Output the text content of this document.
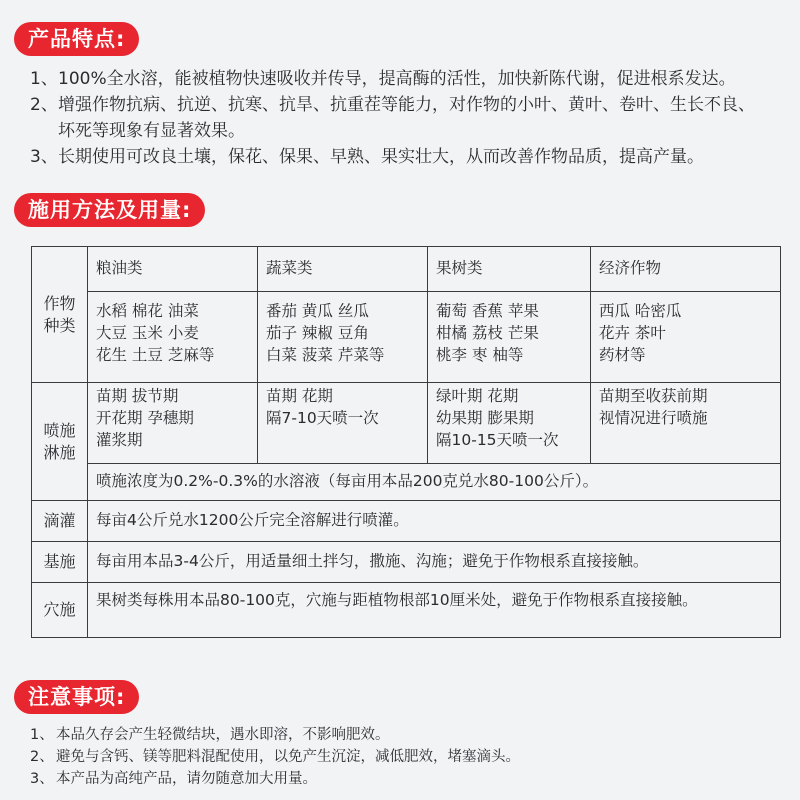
产品特点:
1、 100%全水溶，能被植物快速吸收并传导，提高酶的活性，加快新陈代谢，促进根系发达。
2、 增强作物抗病、抗逆、抗寒、抗旱、抗重茬等能力，对作物的小叶、黄叶、卷叶、生长不良、坏死等现象有显著效果。
3、 长期使用可改良土壤，保花、保果、早熟、果实壮大，从而改善作物品质，提高产量。
施用方法及用量:
作物
种类	粮油类	蔬菜类	果树类	经济作物
	水稻 棉花 油菜
大豆 玉米 小麦
花生 土豆 芝麻等	番茄 黄瓜 丝瓜
茄子 辣椒 豆角
白菜 菠菜 芹菜等	葡萄 香蕉 苹果
柑橘 荔枝 芒果
桃李 枣 柚等	西瓜 哈密瓜
花卉 茶叶
药材等
喷施
淋施	苗期 拔节期
开花期 孕穗期
灌浆期	苗期 花期
隔7-10天喷一次	绿叶期 花期
幼果期 膨果期
隔10-15天喷一次	苗期至收获前期
视情况进行喷施
	喷施浓度为0.2%-0.3%的水溶液（每亩用本品200克兑水80-100公斤）。			
滴灌	每亩4公斤兑水1200公斤完全溶解进行喷灌。			
基施	每亩用本品3-4公斤，用适量细土拌匀，撒施、沟施；避免于作物根系直接接触。			
穴施	果树类每株用本品80-100克，穴施与距植物根部10厘米处，避免于作物根系直接接触。			
注意事项:
1、 本品久存会产生轻微结块，遇水即溶，不影响肥效。
2、 避免与含钙、镁等肥料混配使用，以免产生沉淀，减低肥效，堵塞滴头。
3、 本产品为高纯产品，请勿随意加大用量。
